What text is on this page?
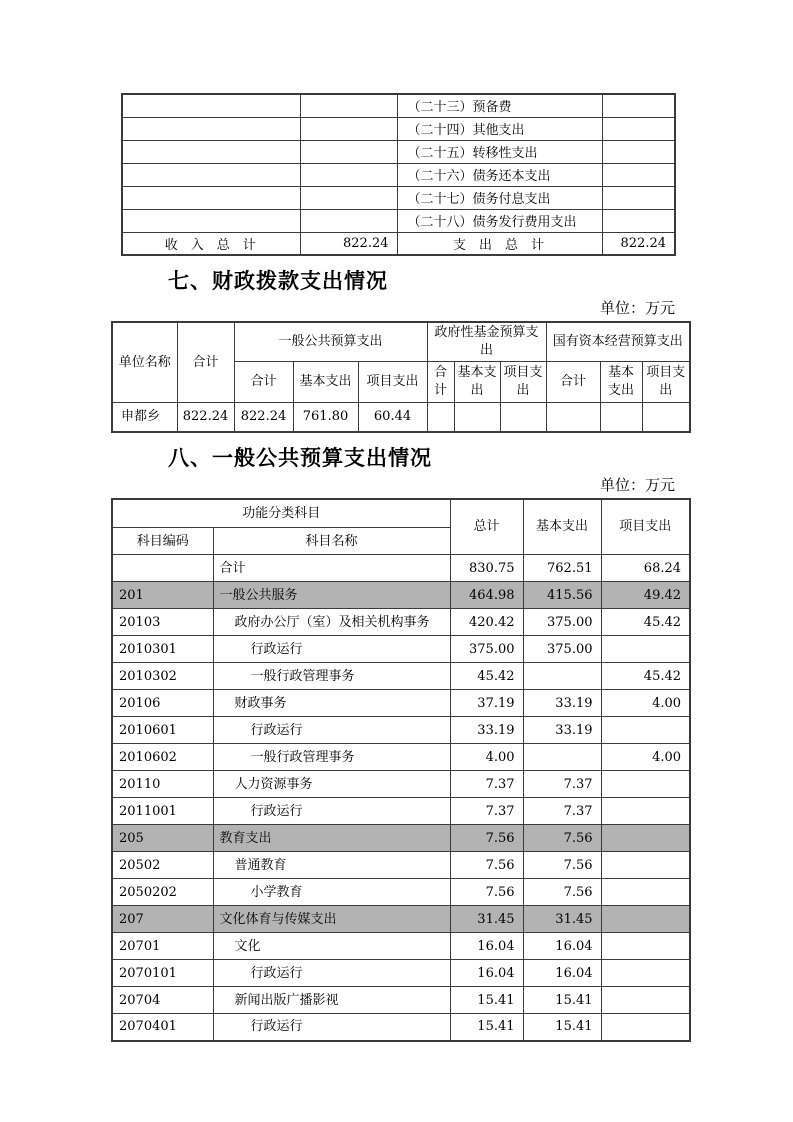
		（二十三）预备费	
		（二十四）其他支出	
		（二十五）转移性支出	
		（二十六）债务还本支出	
		（二十七）债务付息支出	
		（二十八）债务发行费用支出	
收　入　总　计	822.24	支　出　总　计	822.24
七、财政拨款支出情况
单位：万元
单位名称	合计	一般公共预算支出			政府性基金预算支出			国有资本经营预算支出		
		合计	基本支出	项目支出	合计	基本支出	项目支出	合计	基本支出	项目支出
申都乡	822.24	822.24	761.80	60.44						
八、一般公共预算支出情况
单位：万元
功能分类科目		总计	基本支出	项目支出
科目编码	科目名称			
	合计	830.75	762.51	68.24
201	一般公共服务	464.98	415.56	49.42
20103	政府办公厅（室）及相关机构事务	420.42	375.00	45.42
2010301	行政运行	375.00	375.00	
2010302	一般行政管理事务	45.42		45.42
20106	财政事务	37.19	33.19	4.00
2010601	行政运行	33.19	33.19	
2010602	一般行政管理事务	4.00		4.00
20110	人力资源事务	7.37	7.37	
2011001	行政运行	7.37	7.37	
205	教育支出	7.56	7.56	
20502	普通教育	7.56	7.56	
2050202	小学教育	7.56	7.56	
207	文化体育与传媒支出	31.45	31.45	
20701	文化	16.04	16.04	
2070101	行政运行	16.04	16.04	
20704	新闻出版广播影视	15.41	15.41	
2070401	行政运行	15.41	15.41	
